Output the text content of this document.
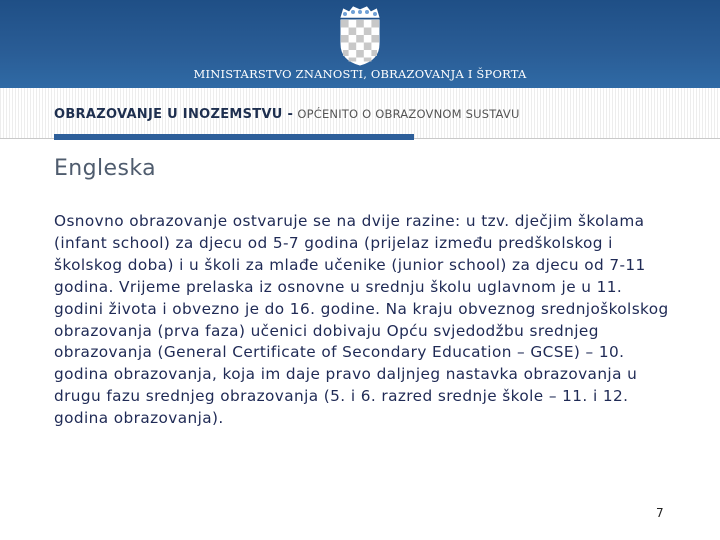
MINISTARSTVO ZNANOSTI, OBRAZOVANJA I ŠPORTA
OBRAZOVANJE U INOZEMSTVU - OPĆENITO O OBRAZOVNOM SUSTAVU
Engleska
Osnovno obrazovanje ostvaruje se na dvije razine: u tzv. dječjim školama (infant school) za djecu od 5-7 godina (prijelaz između predškolskog i školskog doba) i u školi za mlađe učenike (junior school) za djecu od 7-11 godina. Vrijeme prelaska iz osnovne u srednju školu uglavnom je u 11. godini života i obvezno je do 16. godine. Na kraju obveznog srednjoškolskog obrazovanja (prva faza) učenici dobivaju Opću svjedodžbu srednjeg obrazovanja (General Certificate of Secondary Education – GCSE) – 10. godina obrazovanja, koja im daje pravo daljnjeg nastavka obrazovanja u drugu fazu srednjeg obrazovanja (5. i 6. razred srednje škole – 11. i 12. godina obrazovanja).
7
